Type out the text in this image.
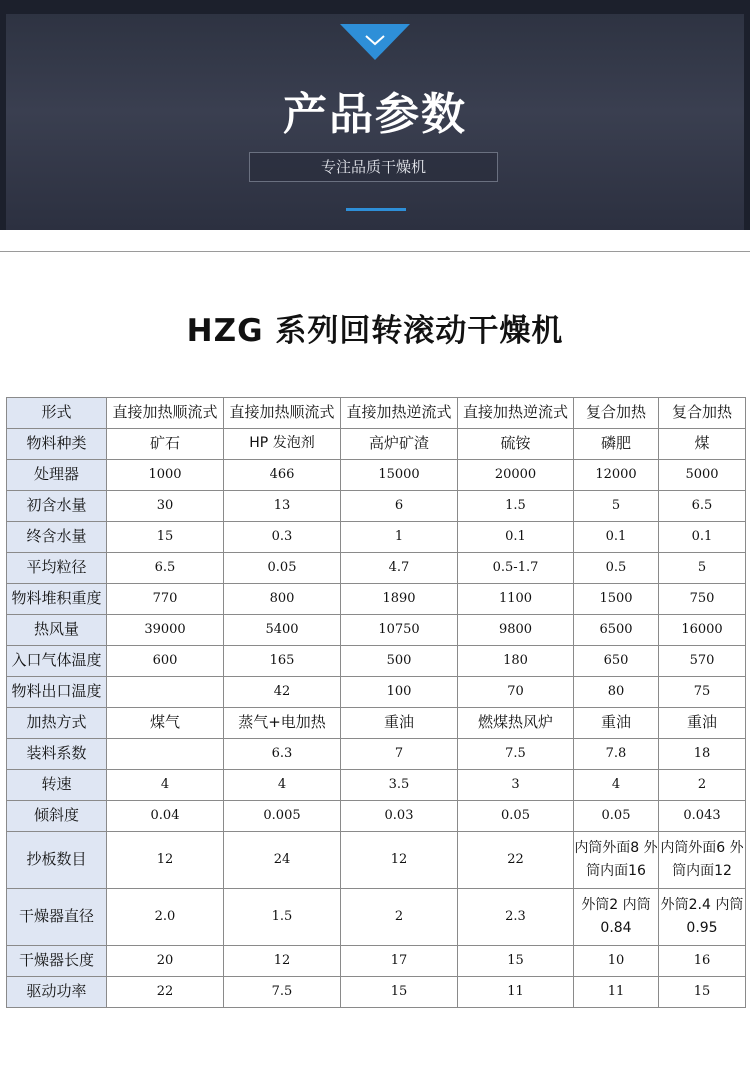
产品参数
专注品质干燥机
HZG 系列回转滚动干燥机
形式	直接加热顺流式	直接加热顺流式	直接加热逆流式	直接加热逆流式	复合加热	复合加热
物料种类	矿石	HP 发泡剂	高炉矿渣	硫铵	磷肥	煤
处理器	1000	466	15000	20000	12000	5000
初含水量	30	13	6	1.5	5	6.5
终含水量	15	0.3	1	0.1	0.1	0.1
平均粒径	6.5	0.05	4.7	0.5-1.7	0.5	5
物料堆积重度	770	800	1890	1100	1500	750
热风量	39000	5400	10750	9800	6500	16000
入口气体温度	600	165	500	180	650	570
物料出口温度		42	100	70	80	75
加热方式	煤气	蒸气+电加热	重油	燃煤热风炉	重油	重油
装料系数		6.3	7	7.5	7.8	18
转速	4	4	3.5	3	4	2
倾斜度	0.04	0.005	0.03	0.05	0.05	0.043
抄板数目	12	24	12	22	内筒外面8 外筒内面16	内筒外面6 外筒内面12
干燥器直径	2.0	1.5	2	2.3	外筒2 内筒0.84	外筒2.4 内筒0.95
干燥器长度	20	12	17	15	10	16
驱动功率	22	7.5	15	11	11	15
